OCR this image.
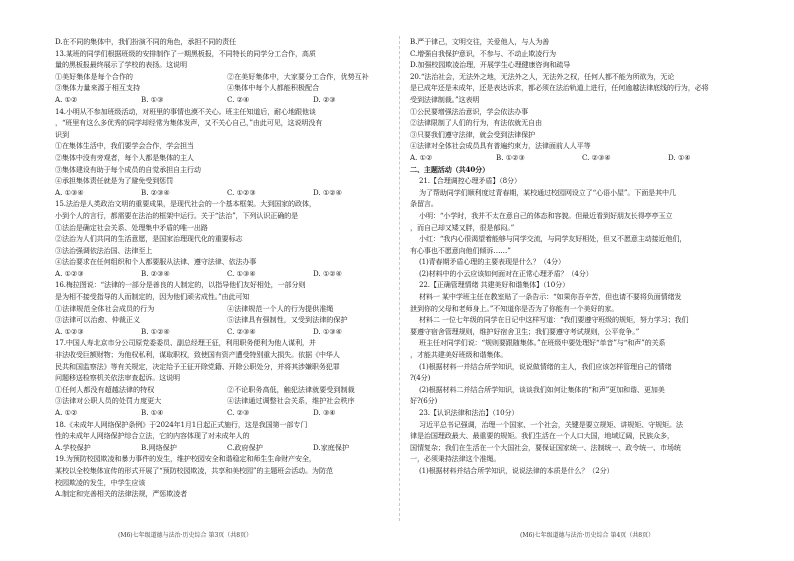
D.在不同的集体中，我们扮演不同的角色，承担不同的责任
13.某班的同学们根据班级的安排制作了一期黑板报，不同特长的同学分工合作，高质
量的黑板报最终展示了学校的表扬。这说明
①美好集体是每个合作的	②在美好集体中，大家要分工合作，优势互补
③集体力量来源于相互支持	④集体中每个人都能积极配合
A. ①②	B. ①③	C. ②④	D. ②③
14.小明从不参加班级活动，对班里的事情也漠不关心。班主任知道后，耐心地跟他谈
，“班里有这么多优秀的同学却经常为集体发声，又不关心自己，”由此可见，这说明没有
识到
①在集体生活中，我们要学会合作，学会担当
②集体中没有旁观者，每个人都是集体的主人
③集体建设有助于每个成员的自觉承担自主行动
④承担集体责任就是为了避免受到惩罚
A. ①③④	B. ②③④	C. ①②③	D. ①②④
15.法治是人类政治文明的重要成果，是现代社会的一个基本框架。大到国家的政体，
小到个人的言行，都需要在法治的框架中运行。关于“法治”，下列认识正确的是
①法治是确定社会关系、处理集中矛盾的唯一出路
②法治为人们共同的生活意愿，是国家治理现代化的重要标志
③法治强调依法治国、法律至上
④法治要求在任何组织和个人都要服从法律、遵守法律、依法办事
A. ①②③	B. ②③④	C. ①③④	D. ①②④
16.梅拉图说：“法律的一部分是善良的人制定的，以指导他们友好相处，一部分则
是为相不接受指导的人而制定的，因为他们顽劣成性。”由此可知
①法律规范全体社会成员的行为	④法律规范一个人的行为提供准绳
③法律可以治愈、仲裁正义	⑤法律具有强制性，又受到法律的保护
A. ①②③	B. ①②④	C. ②③④	D. ①③④
17.中国人寿北京市分公司原党委委员、副总经理王征，利用职务便利为他人谋利，并
非法收受巨额财物；为他权私利，谋取职权，致使国有资产遭受特别重大损失。依据《中华人
民共和国监察法》等有关规定，决定给予王征开除党籍、开除公职处分，并将其涉嫌职务犯罪
问题移送检察机关依法审查起诉。这说明
①任何人都没有超越法律的特权	②不论职务高低，触犯法律就要受到制裁
③法律对公职人员的处罚力度更大	④法律通过调整社会关系，维护社会秩序
A. ①②	B. ①④	C. ②③	D. ③④
18.《未成年人网络保护条例》于2024年1月1日起正式施行，这是我国第一部专门
性的未成年人网络保护综合立法，它的内容体现了对未成年人的
A.学校保护	B.网络保护	C.政府保护	D.家庭保护
19.为预防校园欺凌和暴力事件的发生，维护校园安全和谐稳定和师生生命财产安全，
某校以全校集体宣传的形式开展了“预防校园欺凌，共享和美校园”的主题班会活动。为防范
校园欺凌的发生，中学生应该
A.制定和完善相关的法律法规，严惩欺凌者
B.严于律己，文明交往，关爱他人，与人为善
C.增强自我保护意识，不参与、不动止欺凌行为
D.加强校园欺凌治理，开展学生心理健康咨询和疏导
20.“法治社会，无法外之地，无法外之人，无法外之权，任何人都不能为所欲为，无论
是已成年还是未成年，还是表达诉求，都必须在法治轨道上进行，任何逾越法律底线的行为，必将
受到法律制裁。”这表明
①公民要增强法治意识，学会依法办事
②法律限制了人们的行为，有法依就无自由
③只要我们遵守法律，就会受到法律保护
④法律对全体社会成员具有普遍约束力，法律面前人人平等
A. ①②	B. ①②③	C. ②③④	D. ①④
二、主题活动（共40分）
21.【合理调控心理矛盾】（8分）
为了帮助同学们顺利度过青春期，某校通过校园网设立了“心语小屋”。下面是其中几
条留言。
小明：“小学时，我并不太在意自己的体态和容貌。但最近看到好朋友长得亭亭玉立
，而自己却又矮又胖，很是郁闷。”
小红：“我内心很渴望着能够与同学交流，与同学友好相处，但又不愿意主动接近他们，
有心事也不愿意向他们倾诉……”
(1)青春期矛盾心理的主要表现是什么？（4分）
(2)材料中的小云应该如何面对在正常心理矛盾？（4分）
22.【正确管理情绪 共建美好和谐集体】（10分）
材料一 某中学班主任在教室贴了一条告示：“如果你吾辛苦，但也请不要将负面情绪发
泄到你的父母和老师身上。”不知道你是否为了你能有一个美好的家。
材料二 一位七年级的同学在日记中这样写道：“我们要遵守班级的规矩，努力学习；我们
要遵守宿舍管理规则，维护好宿舍卫生；我们要遵守考试规则，公平竞争。”
班主任对同学们说：“规则要跟随集体。”在班级中要处理好“单音”与“和声”的关系
，才能共建美好班级和谐集体。
(1)根据材料一并结合所学知识，说说做情绪的主人，我们应该怎样管理自己的情绪
?(4分)
(2)根据材料二并结合所学知识，谈谈我们如何让集体的“和声”更加和谐、更加美
好?(6分)
23.【认识法律和法治】（10分）
习近平总书记强调，治理一个国家、一个社会，关键是要立规矩、讲规矩、守规矩。法
律是治国理政最大、最重要的规矩。我们生活在一个人口大国，地域辽阔，民族众多，
国情复杂；我们在生活在一个大国社会，要保证国家统一、法制统一、政令统一、市场统
一，必须秉持法律这个准绳。
(1)根据材料并结合所学知识，说说法律的本质是什么？（2分）
(M6)七年级道德与法治·历史综合 第3页（共8页）	(M6)七年级道德与法治·历史综合 第4页（共8页）
